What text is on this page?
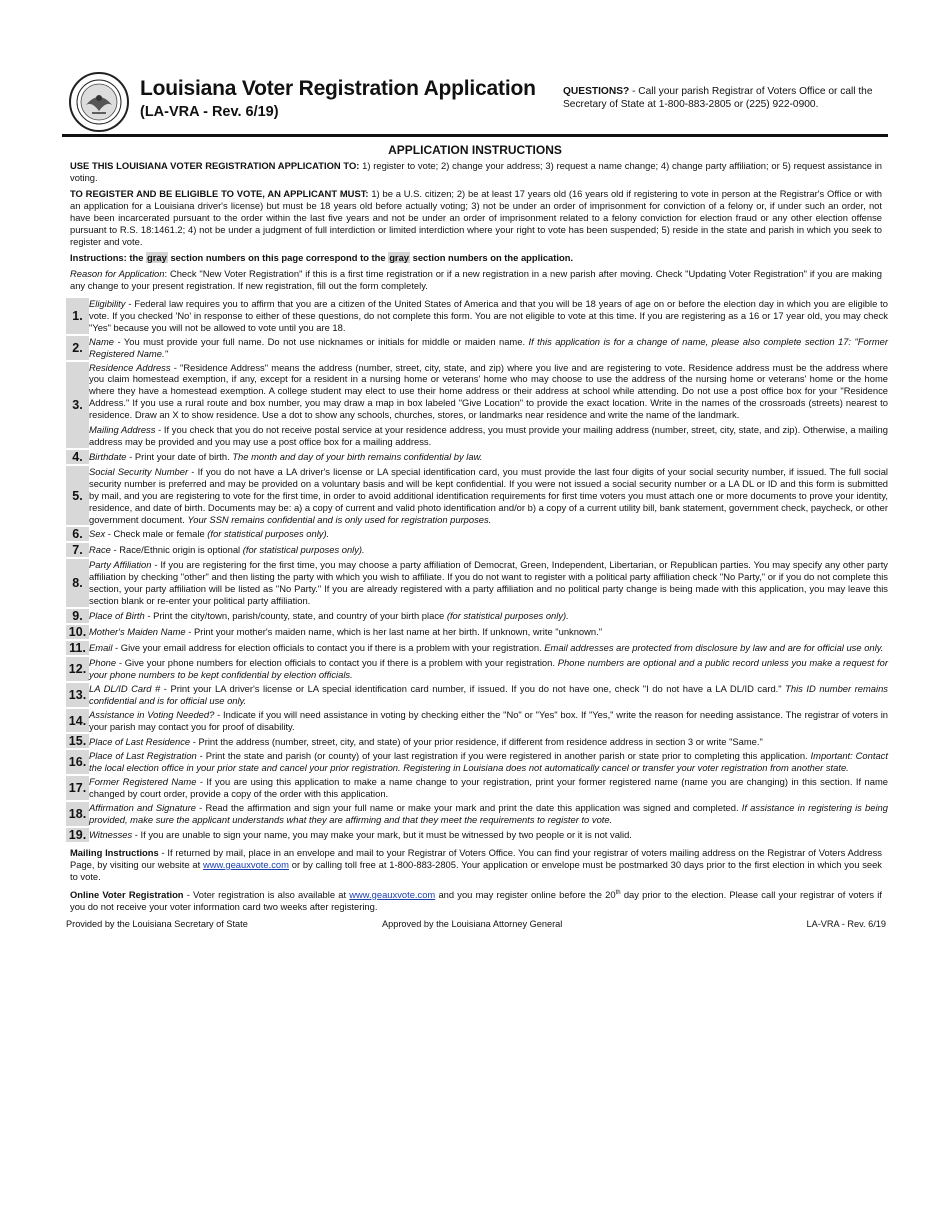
Louisiana Voter Registration Application
(LA-VRA - Rev. 6/19)
QUESTIONS? - Call your parish Registrar of Voters Office or call the Secretary of State at 1-800-883-2805 or (225) 922-0900.
APPLICATION INSTRUCTIONS

USE THIS LOUISIANA VOTER REGISTRATION APPLICATION TO: 1) register to vote; 2) change your address; 3) request a name change; 4) change party affiliation; or 5) request assistance in voting.

TO REGISTER AND BE ELIGIBLE TO VOTE, AN APPLICANT MUST: 1) be a U.S. citizen; 2) be at least 17 years old (16 years old if registering to vote in person at the Registrar's Office or with an application for a Louisiana driver's license) but must be 18 years old before actually voting; 3) not be under an order of imprisonment for conviction of a felony or, if under such an order, not have been incarcerated pursuant to the order within the last five years and not be under an order of imprisonment related to a felony conviction for election fraud or any other election offense pursuant to R.S. 18:1461.2; 4) not be under a judgment of full interdiction or limited interdiction where your right to vote has been suspended; 5) reside in the state and parish in which you seek to register and vote.

Instructions: the gray section numbers on this page correspond to the gray section numbers on the application.

Reason for Application: Check "New Voter Registration" if this is a first time registration or if a new registration in a new parish after moving. Check "Updating Voter Registration" if you are making any change to your present registration. If new registration, fill out the form completely.

1.	Eligibility - Federal law requires you to affirm that you are a citizen of the United States of America and that you will be 18 years of age on or before the election day in which you are eligible to vote. If you checked 'No' in response to either of these questions, do not complete this form. You are not eligible to vote at this time. If you are registering as a 16 or 17 year old, you may check "Yes" because you will not be allowed to vote until you are 18.

2.	Name - You must provide your full name. Do not use nicknames or initials for middle or maiden name. If this application is for a change of name, please also complete section 17: "Former Registered Name."

3.	Residence Address - "Residence Address" means the address (number, street, city, state, and zip) where you live and are registering to vote. Residence address must be the address where you claim homestead exemption, if any, except for a resident in a nursing home or veterans' home who may choose to use the address of the nursing home or veterans' home or the home where they have a homestead exemption. A college student may elect to use their home address or their address at school while attending. Do not use a post office box for your "Residence Address." If you use a rural route and box number, you may draw a map in box labeled "Give Location" to provide the exact location. Write in the names of the crossroads (streets) nearest to residence. Draw an X to show residence. Use a dot to show any schools, churches, stores, or landmarks near residence and write the name of the landmark.

Mailing Address - If you check that you do not receive postal service at your residence address, you must provide your mailing address (number, street, city, state, and zip). Otherwise, a mailing address may be provided and you may use a post office box for a mailing address.

4.	Birthdate - Print your date of birth. The month and day of your birth remains confidential by law.

5.	Social Security Number - If you do not have a LA driver's license or LA special identification card, you must provide the last four digits of your social security number, if issued. The full social security number is preferred and may be provided on a voluntary basis and will be kept confidential. If you were not issued a social security number or a LA DL or ID and this form is submitted by mail, and you are registering to vote for the first time, in order to avoid additional identification requirements for first time voters you must attach one or more documents to prove your identity, residence, and date of birth. Documents may be: a) a copy of current and valid photo identification and/or b) a copy of a current utility bill, bank statement, government check, paycheck, or other government document. Your SSN remains confidential and is only used for registration purposes.

6.	Sex - Check male or female (for statistical purposes only).

7.	Race - Race/Ethnic origin is optional (for statistical purposes only).

8.	Party Affiliation - If you are registering for the first time, you may choose a party affiliation of Democrat, Green, Independent, Libertarian, or Republican parties. You may specify any other party affiliation by checking "other" and then listing the party with which you wish to affiliate. If you do not want to register with a political party affiliation check "No Party," or if you do not complete this section, your party affiliation will be listed as "No Party." If you are already registered with a party affiliation and no political party change is being made with this application, you may leave this section blank or re-enter your political party affiliation.

9.	Place of Birth - Print the city/town, parish/county, state, and country of your birth place (for statistical purposes only).

10.	Mother's Maiden Name - Print your mother's maiden name, which is her last name at her birth. If unknown, write "unknown."

11.	Email - Give your email address for election officials to contact you if there is a problem with your registration. Email addresses are protected from disclosure by law and are for official use only.

12.	Phone - Give your phone numbers for election officials to contact you if there is a problem with your registration. Phone numbers are optional and a public record unless you make a request for your phone numbers to be kept confidential by election officials.

13.	LA DL/ID Card # - Print your LA driver's license or LA special identification card number, if issued. If you do not have one, check "I do not have a LA DL/ID card." This ID number remains confidential and is for official use only.

14.	Assistance in Voting Needed? - Indicate if you will need assistance in voting by checking either the "No" or "Yes" box. If "Yes," write the reason for needing assistance. The registrar of voters in your parish may contact you for proof of disability.

15.	Place of Last Residence - Print the address (number, street, city, and state) of your prior residence, if different from residence address in section 3 or write "Same."

16.	Place of Last Registration - Print the state and parish (or county) of your last registration if you were registered in another parish or state prior to completing this application. Important: Contact the local election office in your prior state and cancel your prior registration. Registering in Louisiana does not automatically cancel or transfer your voter registration from another state.

17.	Former Registered Name - If you are using this application to make a name change to your registration, print your former registered name (name you are changing) in this section. If name changed by court order, provide a copy of the order with this application.

18.	Affirmation and Signature - Read the affirmation and sign your full name or make your mark and print the date this application was signed and completed. If assistance in registering is being provided, make sure the applicant understands what they are affirming and that they meet the requirements to register to vote.

19.	Witnesses - If you are unable to sign your name, you may make your mark, but it must be witnessed by two people or it is not valid.

Mailing Instructions - If returned by mail, place in an envelope and mail to your Registrar of Voters Office. You can find your registrar of voters mailing address on the Registrar of Voters Address Page, by visiting our website at www.geauxvote.com or by calling toll free at 1-800-883-2805. Your application or envelope must be postmarked 30 days prior to the first election in which you seek to vote.

Online Voter Registration - Voter registration is also available at www.geauxvote.com and you may register online before the 20th day prior to the election. Please call your registrar of voters if you do not receive your voter information card two weeks after registering.

Provided by the Louisiana Secretary of State	Approved by the Louisiana Attorney General	LA-VRA - Rev. 6/19
